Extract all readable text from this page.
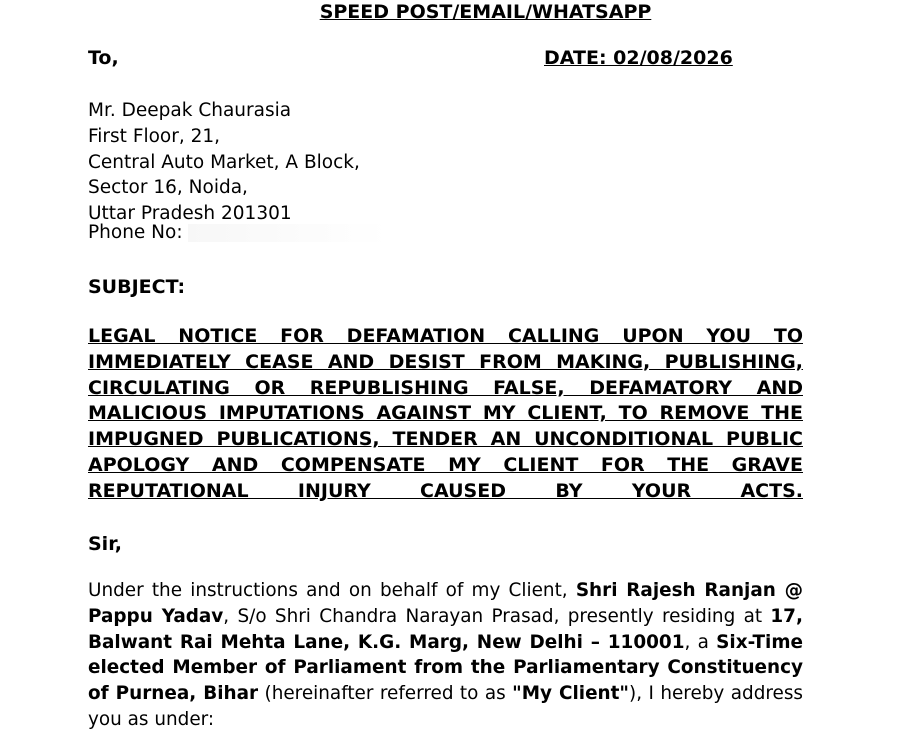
SPEED POST/EMAIL/WHATSAPP
To,	DATE: 02/08/2026
Mr. Deepak Chaurasia
First Floor, 21,
Central Auto Market, A Block,
Sector 16, Noida,
Uttar Pradesh 201301
Phone No:
SUBJECT:
LEGAL NOTICE FOR DEFAMATION CALLING UPON YOU TO IMMEDIATELY CEASE AND DESIST FROM MAKING, PUBLISHING, CIRCULATING OR REPUBLISHING FALSE, DEFAMATORY AND MALICIOUS IMPUTATIONS AGAINST MY CLIENT, TO REMOVE THE IMPUGNED PUBLICATIONS, TENDER AN UNCONDITIONAL PUBLIC APOLOGY AND COMPENSATE MY CLIENT FOR THE GRAVE REPUTATIONAL INJURY CAUSED BY YOUR ACTS.
Sir,
Under the instructions and on behalf of my Client, Shri Rajesh Ranjan @ Pappu Yadav, S/o Shri Chandra Narayan Prasad, presently residing at 17, Balwant Rai Mehta Lane, K.G. Marg, New Delhi – 110001, a Six-Time elected Member of Parliament from the Parliamentary Constituency of Purnea, Bihar (hereinafter referred to as "My Client"), I hereby address you as under:
